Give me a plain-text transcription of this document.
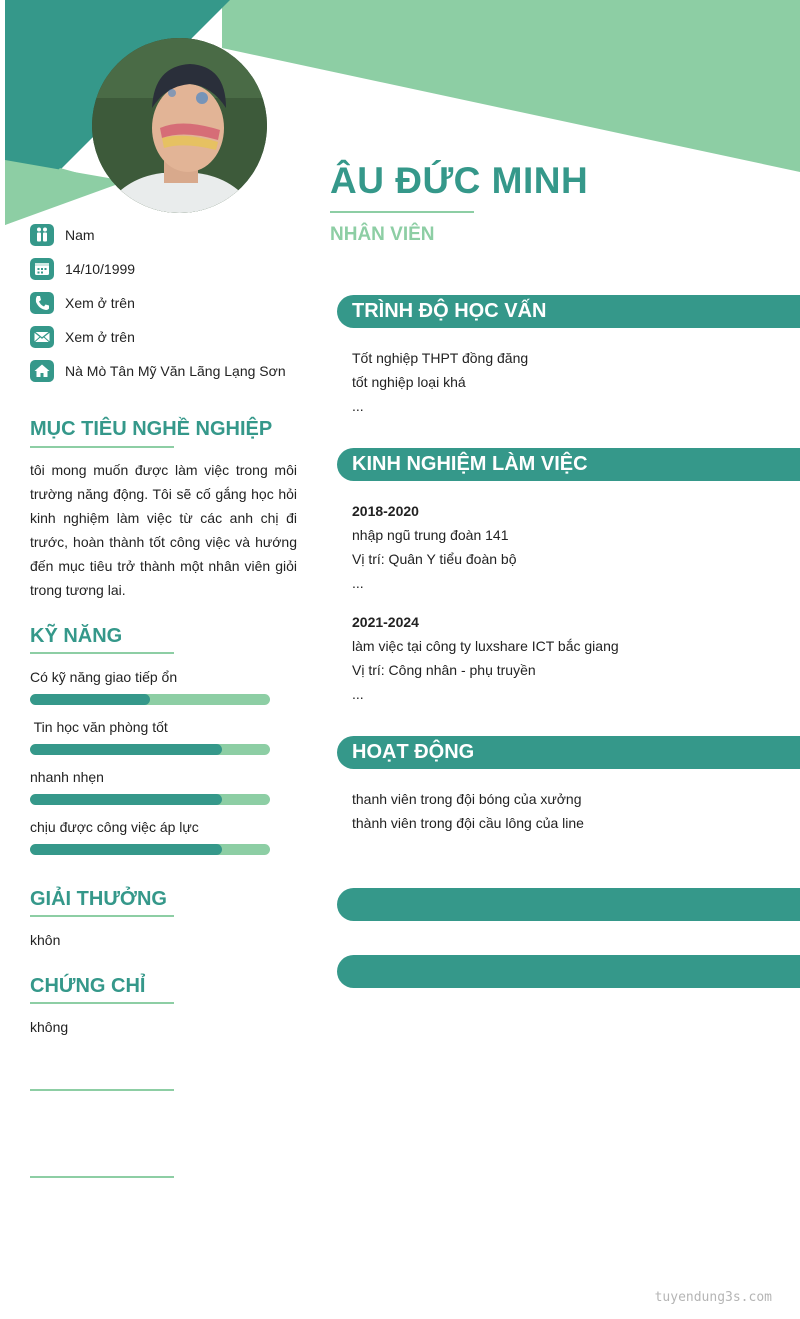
ÂU ĐỨC MINH
NHÂN VIÊN
Nam
14/10/1999
Xem ở trên
Xem ở trên
Nà Mò Tân Mỹ Văn Lãng Lạng Sơn
MỤC TIÊU NGHỀ NGHIỆP
tôi mong muốn được làm việc trong môi trường năng động. Tôi sẽ cố gắng học hỏi kinh nghiệm làm việc từ các anh chị đi trước, hoàn thành tốt công việc và hướng đến mục tiêu trở thành một nhân viên giỏi trong tương lai.
KỸ NĂNG
Có kỹ năng giao tiếp ổn
Tin học văn phòng tốt
nhanh nhẹn
chịu được công việc áp lực
GIẢI THƯỞNG
khôn
CHỨNG CHỈ
không
TRÌNH ĐỘ HỌC VẤN
Tốt nghiệp THPT đồng đăng
tốt nghiệp loại khá
...
KINH NGHIỆM LÀM VIỆC
2018-2020
nhập ngũ trung đoàn 141
Vị trí: Quân Y tiểu đoàn bộ
...
2021-2024
làm việc tại công ty luxshare ICT bắc giang
Vị trí: Công nhân - phụ truyền
...
HOẠT ĐỘNG
thanh viên trong đội bóng của xưởng
thành viên trong đội cầu lông của line
tuyendung3s.com
